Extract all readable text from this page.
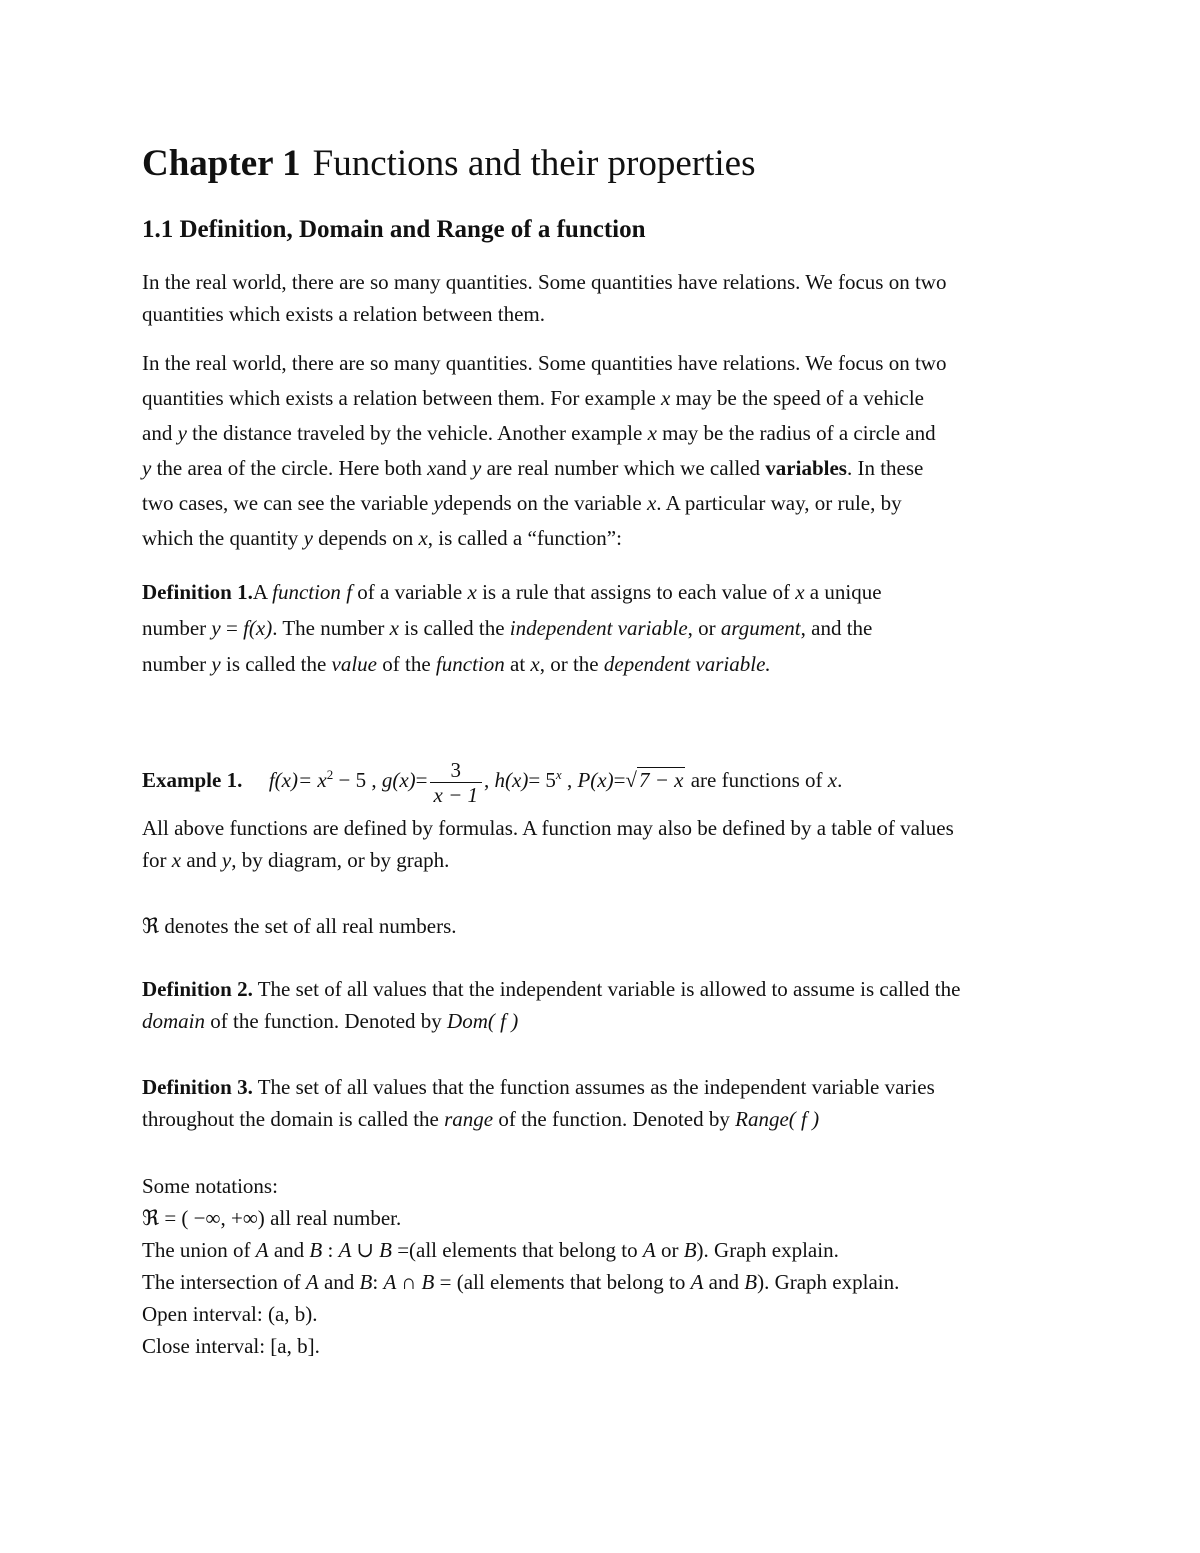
Chapter 1 Functions and their properties
1.1 Definition, Domain and Range of a function

In the real world, there are so many quantities. Some quantities have relations. We focus on two
quantities which exists a relation between them.

In the real world, there are so many quantities. Some quantities have relations. We focus on two
quantities which exists a relation between them. For example x may be the speed of a vehicle
and y the distance traveled by the vehicle. Another example x may be the radius of a circle and
y the area of the circle. Here both xand y are real number which we called variables. In these
two cases, we can see the variable ydepends on the variable x. A particular way, or rule, by
which the quantity y depends on x, is called a “function”:

Definition 1.A function f of a variable x is a rule that assigns to each value of x a unique
number y = f(x). The number x is called the independent variable, or argument, and the
number y is called the value of the function at x, or the dependent variable.

Example 1. $f(x)= x^2 - 5$ , $g(x)= \frac{3}{x - 1}$ , $h(x)= 5^x$ , P(x)=√7 − x are functions of x.

All above functions are defined by formulas. A function may also be defined by a table of values
for x and y, by diagram, or by graph.

ℜ denotes the set of all real numbers.

Definition 2. The set of all values that the independent variable is allowed to assume is called the
domain of the function. Denoted by Dom( f )

Definition 3. The set of all values that the function assumes as the independent variable varies
throughout the domain is called the range of the function. Denoted by Range( f )

Some notations:
ℜ = ( −∞, +∞) all real number.
The union of A and B : A ∪ B =(all elements that belong to A or B). Graph explain.
The intersection of A and B: A ∩ B = (all elements that belong to A and B). Graph explain.
Open interval: (a, b).
Close interval: [a, b].
